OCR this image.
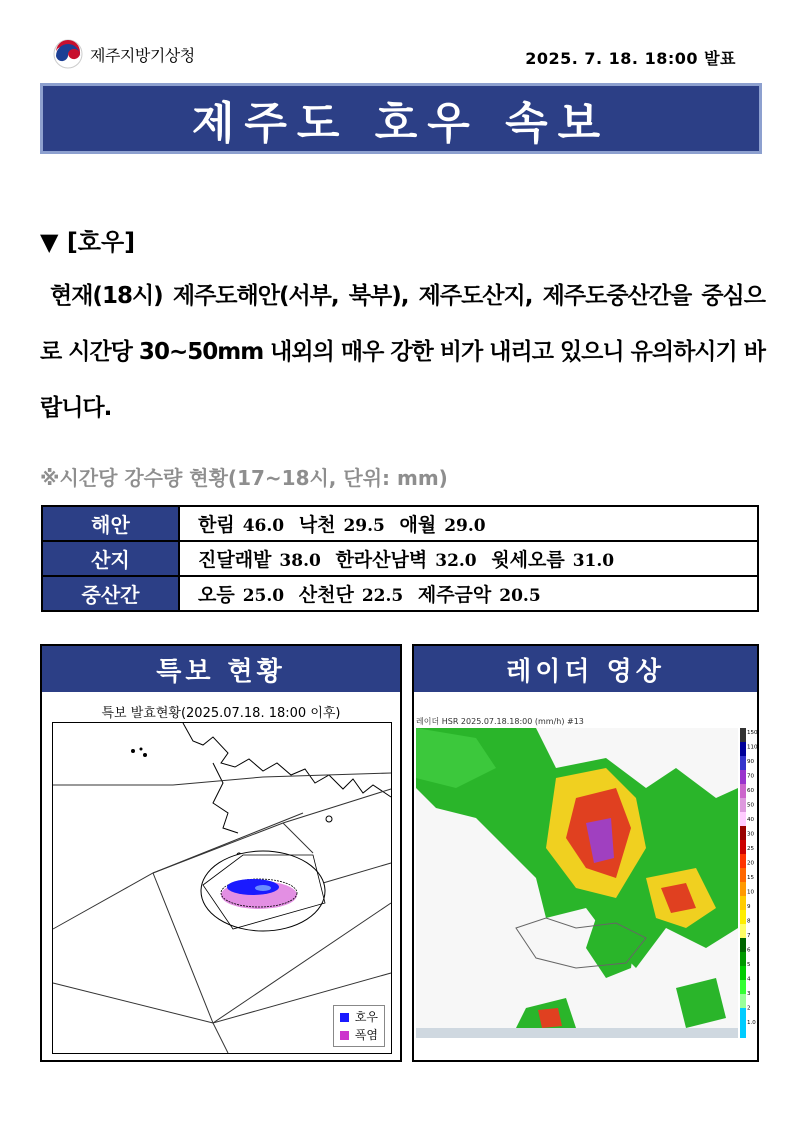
제주지방기상청	2025. 7. 18. 18:00 발표
제주도 호우 속보
▼ [호우]
현재(18시) 제주도해안(서부, 북부), 제주도산지, 제주도중산간을 중심으로 시간당 30~50mm 내외의 매우 강한 비가 내리고 있으니 유의하시기 바랍니다.
※시간당 강수량 현황(17~18시, 단위: mm)
해안	한림 46.0 낙천 29.5 애월 29.0
산지	진달래밭 38.0 한라산남벽 32.0 윗세오름 31.0
중산간	오등 25.0 산천단 22.5 제주금악 20.5
특보 현황
특보 발효현황(2025.07.18. 18:00 이후)
호우
폭염
레이더 영상
레이더 HSR 2025.07.18.18:00 (mm/h) #13
150
110
90
70
60
50
40
30
25
20
15
10
9
8
7
6
5
4
3
2
1.0
